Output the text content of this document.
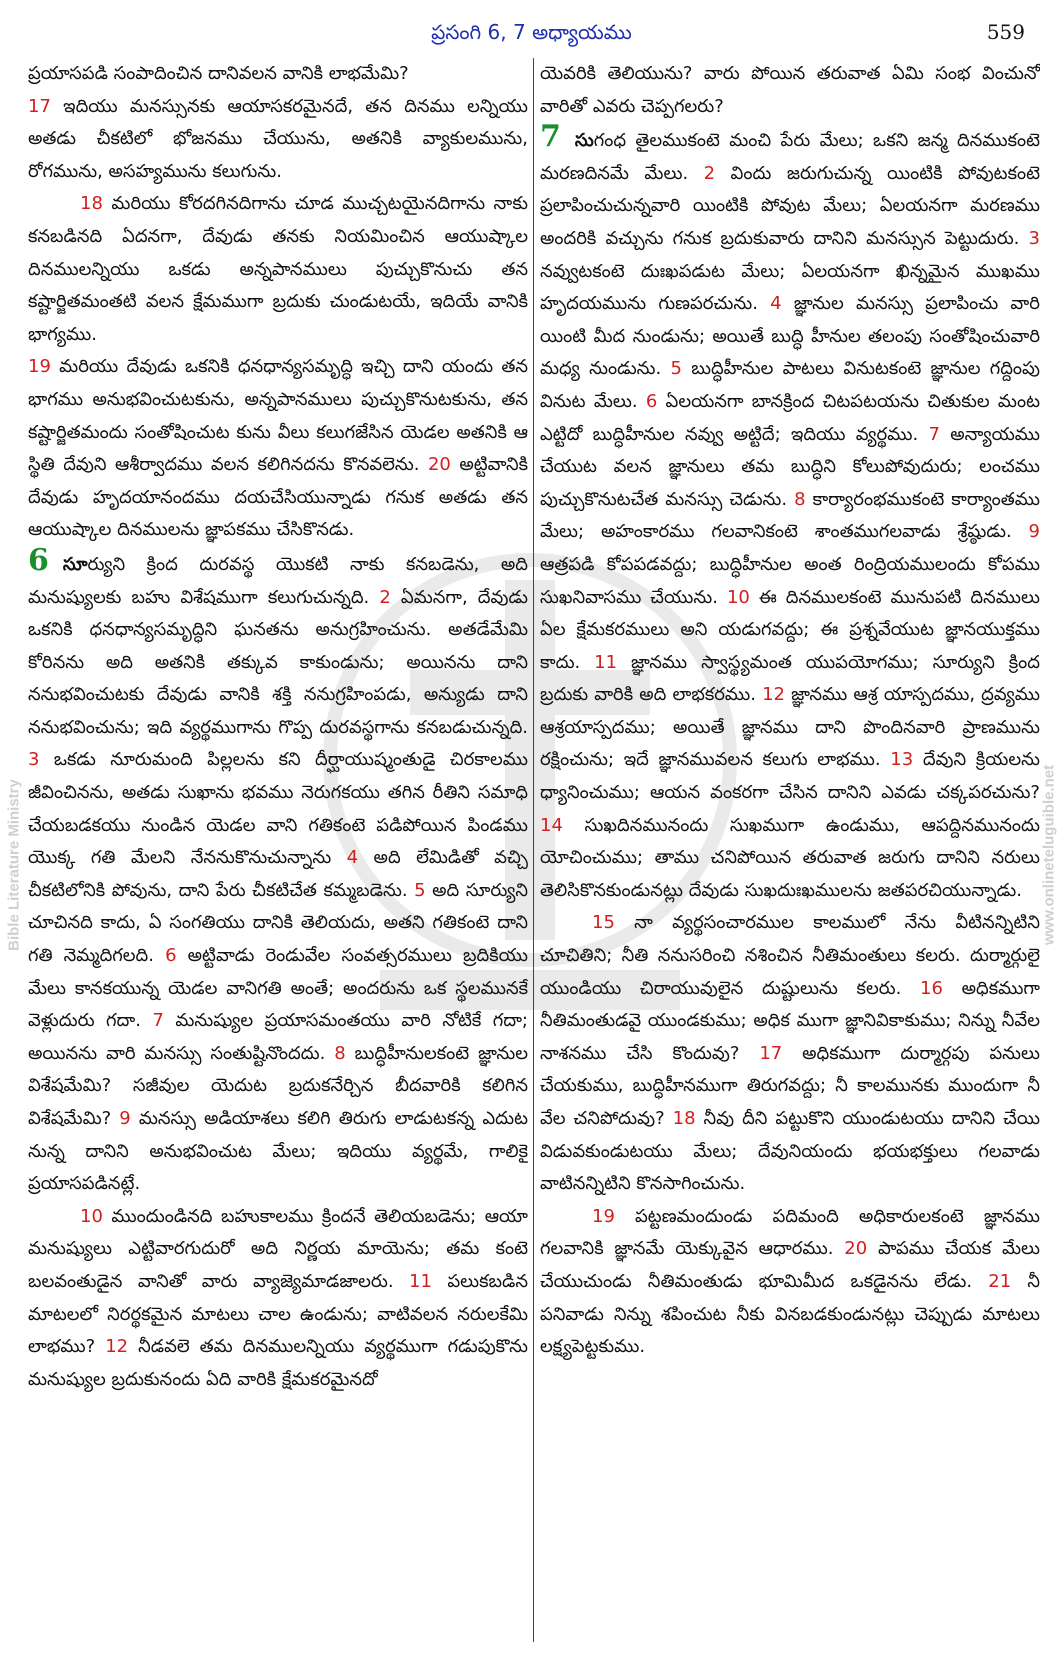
ప్రసంగి 6, 7 అధ్యాయము	559
Bible Literature Ministry	www.onlineteluguible.net

ప్రయాసపడి సంపాదించిన దానివలన వానికి లాభమేమి?

17 ఇదియు మనస్సునకు ఆయాసకరమైనదే, తన దినము లన్నియు అతడు చీకటిలో భోజనము చేయును, అతనికి వ్యాకులమును, రోగమును, అసహ్యమును కలుగును.

18 మరియు కోరదగినదిగాను చూడ ముచ్చటయైనదిగాను నాకు కనబడినది ఏదనగా, దేవుడు తనకు నియమించిన ఆయుష్కాల దినములన్నియు ఒకడు అన్నపానములు పుచ్చుకొనుచు తన కష్టార్జితమంతటి వలన క్షేమముగా బ్రదుకు చుండుటయే, ఇదియే వానికి భాగ్యము.

19 మరియు దేవుడు ఒకనికి ధనధాన్యసమృద్ధి ఇచ్చి దాని యందు తన భాగము అనుభవించుటకును, అన్నపానములు పుచ్చుకొనుటకును, తన కష్టార్జితమందు సంతోషించుట కును వీలు కలుగజేసిన యెడల అతనికి ఆ స్థితి దేవుని ఆశీర్వాదము వలన కలిగినదను కొనవలెను. 20 అట్టివానికి దేవుడు హృదయానందము దయచేసియున్నాడు గనుక అతడు తన ఆయుష్కాల దినములను జ్ఞాపకము చేసికొనడు.

6 సూర్యుని క్రింద దురవస్థ యొకటి నాకు కనబడెను, అది మనుష్యులకు బహు విశేషముగా కలుగుచున్నది. 2 ఏమనగా, దేవుడు ఒకనికి ధనధాన్యసమృద్ధిని ఘనతను అనుగ్రహించును. అతడేమేమి కోరినను అది అతనికి తక్కువ కాకుండును; అయినను దాని ననుభవించుటకు దేవుడు వానికి శక్తి ననుగ్రహింపడు, అన్యుడు దాని ననుభవించును; ఇది వ్యర్థముగాను గొప్ప దురవస్థగాను కనబడుచున్నది. 3 ఒకడు నూరుమంది పిల్లలను కని దీర్ఘాయుష్మంతుడై చిరకాలము జీవించినను, అతడు సుఖాను భవము నెరుగకయు తగిన రీతిని సమాధి చేయబడకయు నుండిన యెడల వాని గతికంటె పడిపోయిన పిండము యొక్క గతి మేలని నేననుకొనుచున్నాను 4 అది లేమిడితో వచ్చి చీకటిలోనికి పోవును, దాని పేరు చీకటిచేత కమ్మబడెను. 5 అది సూర్యుని చూచినది కాదు, ఏ సంగతియు దానికి తెలియదు, అతని గతికంటె దాని గతి నెమ్మదిగలది. 6 అట్టివాడు రెండువేల సంవత్సరములు బ్రదికియు మేలు కానకయున్న యెడల వానిగతి అంతే; అందరును ఒక స్థలమునకే వెళ్లుదురు గదా. 7 మనుష్యుల ప్రయాసమంతయు వారి నోటికే గదా; అయినను వారి మనస్సు సంతుష్టినొందదు. 8 బుద్ధిహీనులకంటె జ్ఞానుల విశేషమేమి? సజీవుల యెదుట బ్రదుకనేర్చిన బీదవారికి కలిగిన విశేషమేమి? 9 మనస్సు అడియాశలు కలిగి తిరుగు లాడుటకన్న ఎదుట నున్న దానిని అనుభవించుట మేలు; ఇదియు వ్యర్థమే, గాలికై ప్రయాసపడినట్లే.

10 ముందుండినది బహుకాలము క్రిందనే తెలియబడెను; ఆయా మనుష్యులు ఎట్టివారగుదురో అది నిర్ణయ మాయెను; తమ కంటె బలవంతుడైన వానితో వారు వ్యాజ్యెమాడజాలరు. 11 పలుకబడిన మాటలలో నిరర్థకమైన మాటలు చాల ఉండును; వాటివలన నరులకేమి లాభము? 12 నీడవలె తమ దినములన్నియు వ్యర్థముగా గడుపుకొను మనుష్యుల బ్రదుకునందు ఏది వారికి క్షేమకరమైనదో

యెవరికి తెలియును? వారు పోయిన తరువాత ఏమి సంభ వించునో వారితో ఎవరు చెప్పగలరు?

7 సుగంధ తైలముకంటె మంచి పేరు మేలు; ఒకని జన్మ దినముకంటె మరణదినమే మేలు. 2 విందు జరుగుచున్న యింటికి పోవుటకంటె ప్రలాపించుచున్నవారి యింటికి పోవుట మేలు; ఏలయనగా మరణము అందరికి వచ్చును గనుక బ్రదుకువారు దానిని మనస్సున పెట్టుదురు. 3 నవ్వుటకంటె దుఃఖపడుట మేలు; ఏలయనగా ఖిన్నమైన ముఖము హృదయమును గుణపరచును. 4 జ్ఞానుల మనస్సు ప్రలాపించు వారి యింటి మీద నుండును; అయితే బుద్ధి హీనుల తలంపు సంతోషించువారి మధ్య నుండును. 5 బుద్ధిహీనుల పాటలు వినుటకంటె జ్ఞానుల గద్దింపు వినుట మేలు. 6 ఏలయనగా బానక్రింద చిటపటయను చితుకుల మంట ఎట్టిదో బుద్ధిహీనుల నవ్వు అట్టిదే; ఇదియు వ్యర్థము. 7 అన్యాయము చేయుట వలన జ్ఞానులు తమ బుద్ధిని కోలుపోవుదురు; లంచము పుచ్చుకొనుటచేత మనస్సు చెడును. 8 కార్యారంభముకంటె కార్యాంతము మేలు; అహంకారము గలవానికంటె శాంతముగలవాడు శ్రేష్ఠుడు. 9 ఆత్రపడి కోపపడవద్దు; బుద్ధిహీనుల అంత రింద్రియములందు కోపము సుఖనివాసము చేయును. 10 ఈ దినములకంటె మునుపటి దినములు ఏల క్షేమకరములు అని యడుగవద్దు; ఈ ప్రశ్నవేయుట జ్ఞానయుక్తము కాదు. 11 జ్ఞానము స్వాస్థ్యమంత యుపయోగము; సూర్యుని క్రింద బ్రదుకు వారికి అది లాభకరము. 12 జ్ఞానము ఆశ్ర యాస్పదము, ద్రవ్యము ఆశ్రయాస్పదము; అయితే జ్ఞానము దాని పొందినవారి ప్రాణమును రక్షించును; ఇదే జ్ఞానమువలన కలుగు లాభము. 13 దేవుని క్రియలను ధ్యానించుము; ఆయన వంకరగా చేసిన దానిని ఎవడు చక్కపరచును? 14 సుఖదినమునందు సుఖముగా ఉండుము, ఆపద్దినమునందు యోచించుము; తాము చనిపోయిన తరువాత జరుగు దానిని నరులు తెలిసికొనకుండునట్లు దేవుడు సుఖదుఃఖములను జతపరచియున్నాడు.

15 నా వ్యర్థసంచారముల కాలములో నేను వీటినన్నిటిని చూచితిని; నీతి ననుసరించి నశించిన నీతిమంతులు కలరు. దుర్మార్గులై యుండియు చిరాయువులైన దుష్టులును కలరు. 16 అధికముగా నీతిమంతుడవై యుండకుము; అధిక ముగా జ్ఞానివికాకుము; నిన్ను నీవేల నాశనము చేసి కొందువు? 17 అధికముగా దుర్మార్గపు పనులు చేయకుము, బుద్ధిహీనముగా తిరుగవద్దు; నీ కాలమునకు ముందుగా నీ వేల చనిపోదువు? 18 నీవు దీని పట్టుకొని యుండుటయు దానిని చేయి విడువకుండుటయు మేలు; దేవునియందు భయభక్తులు గలవాడు వాటినన్నిటిని కొనసాగించును.

19 పట్టణమందుండు పదిమంది అధికారులకంటె జ్ఞానము గలవానికి జ్ఞానమే యెక్కువైన ఆధారము. 20 పాపము చేయక మేలు చేయుచుండు నీతిమంతుడు భూమిమీద ఒకడైనను లేడు. 21 నీ పనివాడు నిన్ను శపించుట నీకు వినబడకుండునట్లు చెప్పుడు మాటలు లక్ష్యపెట్టకుము.
